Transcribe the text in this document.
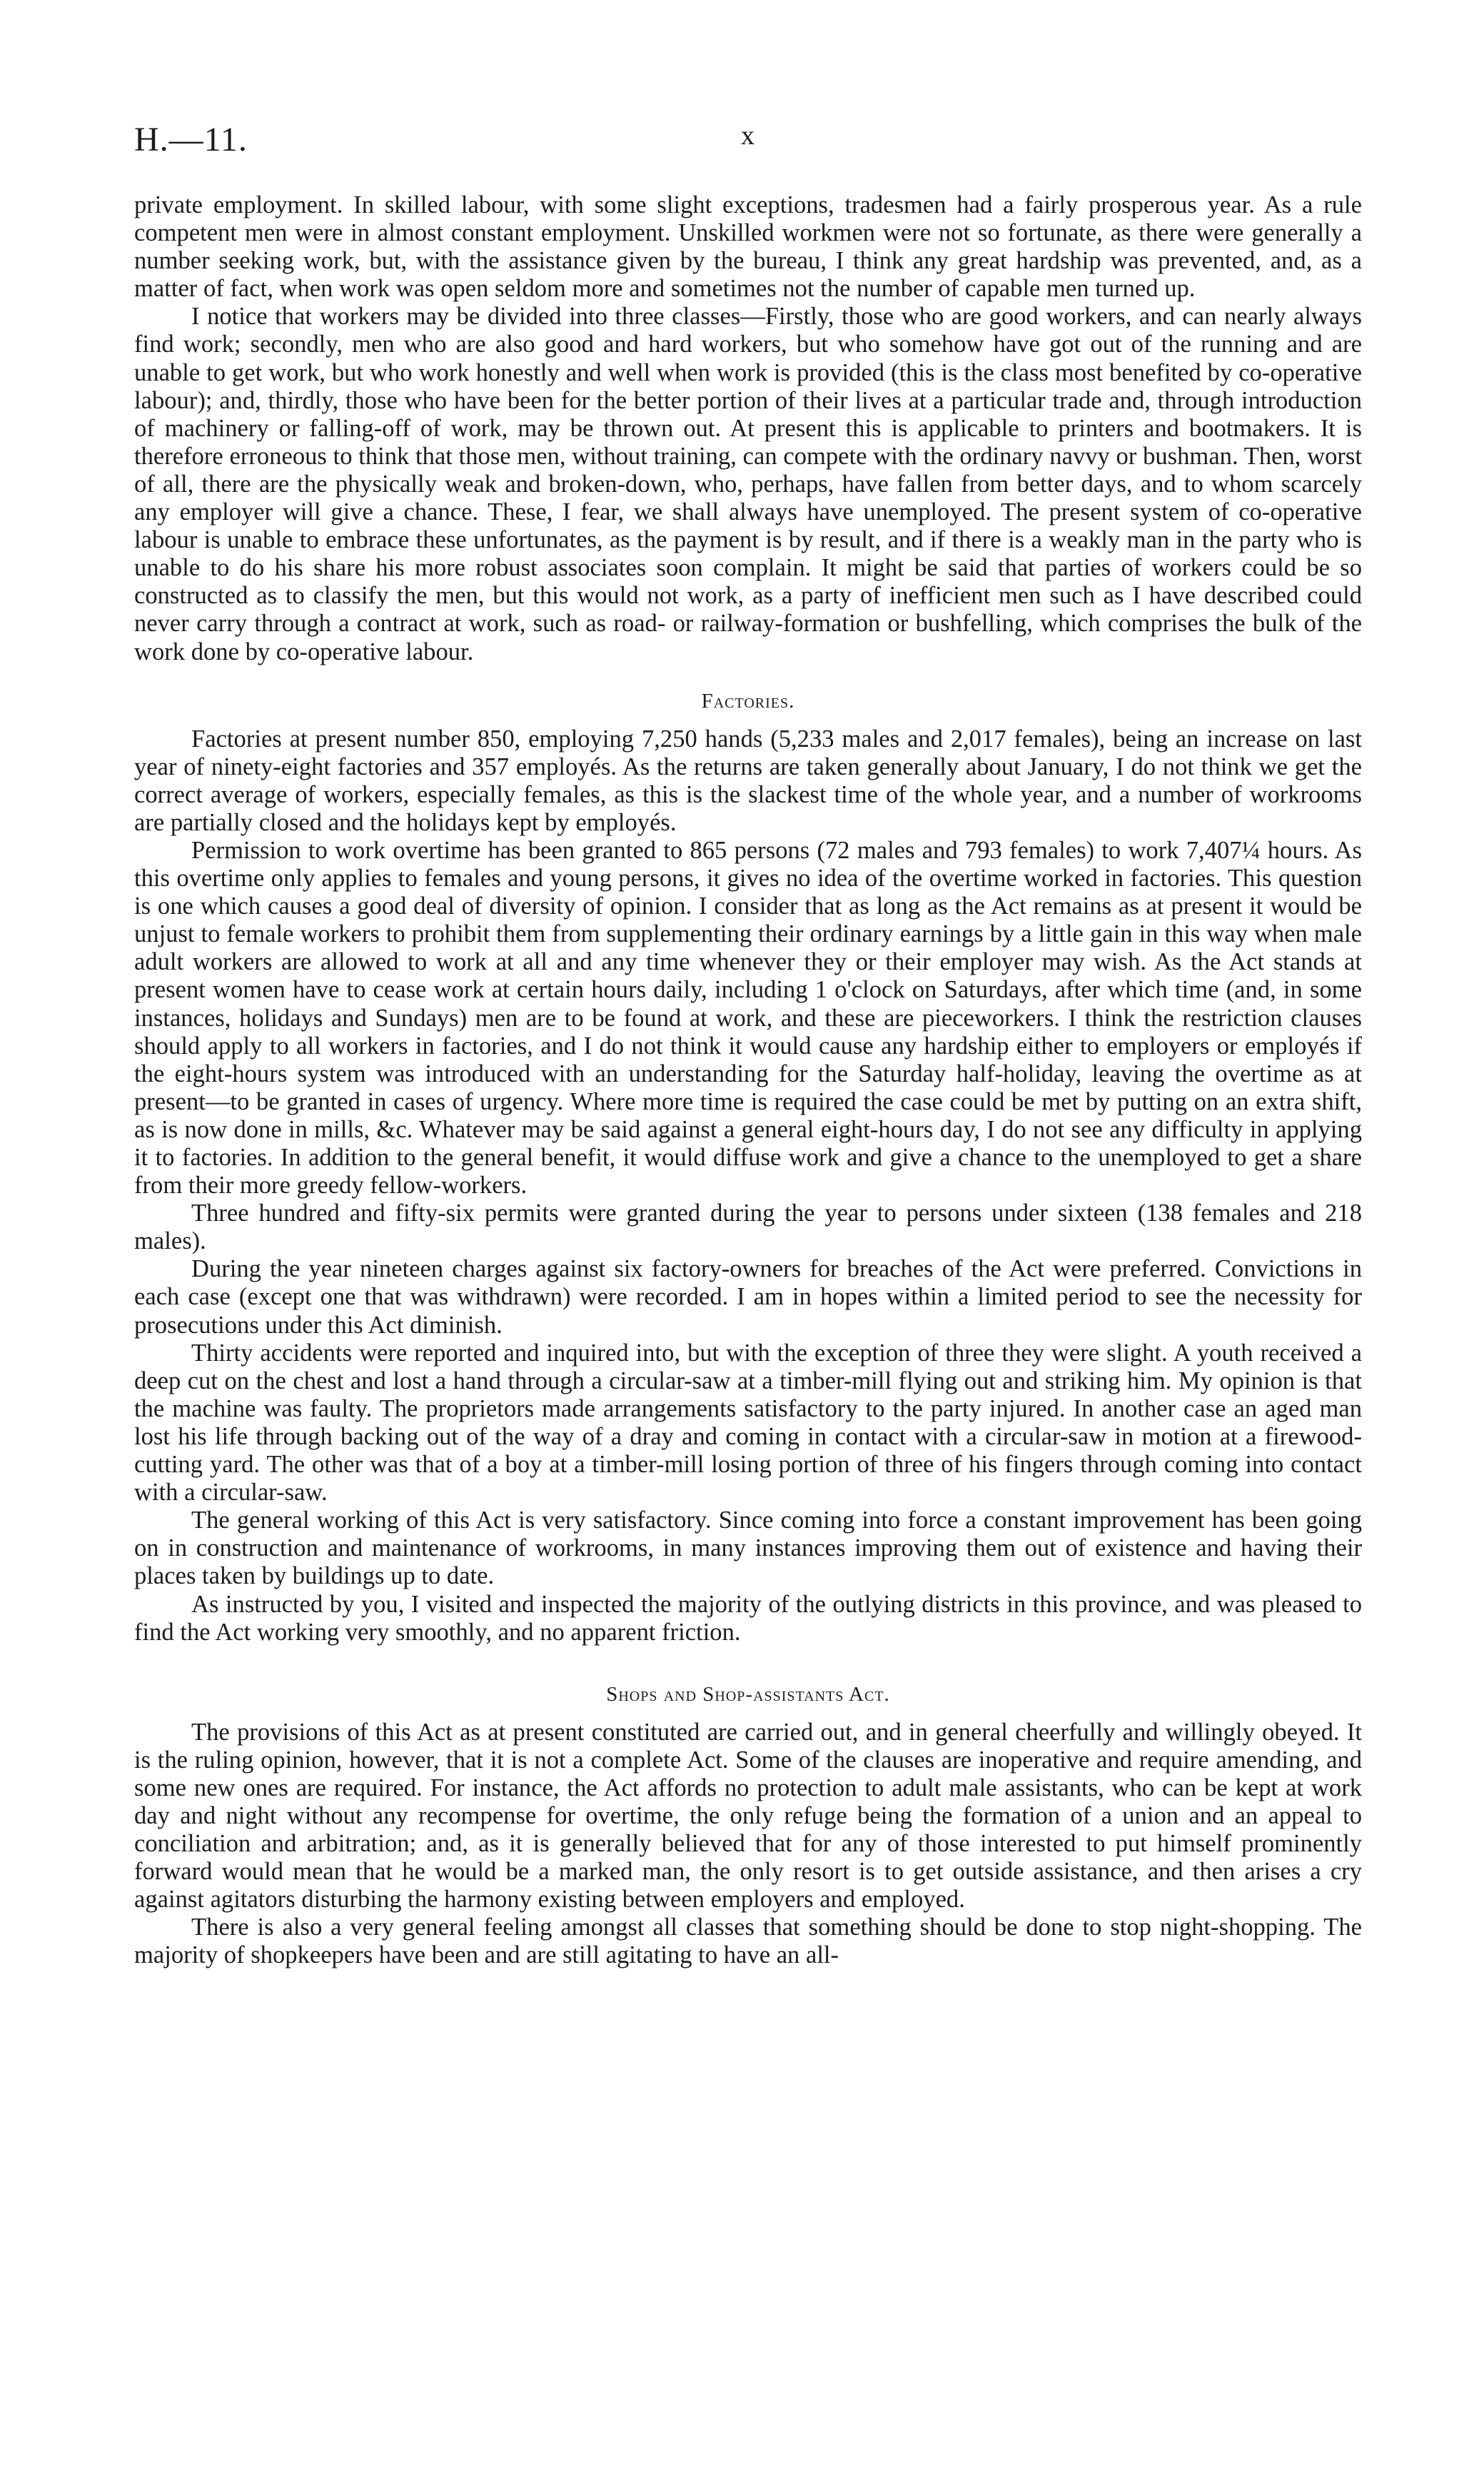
H.—11.	x

private employment. In skilled labour, with some slight exceptions, tradesmen had a fairly prosperous year. As a rule competent men were in almost constant employment. Unskilled workmen were not so fortunate, as there were generally a number seeking work, but, with the assistance given by the bureau, I think any great hardship was prevented, and, as a matter of fact, when work was open seldom more and sometimes not the number of capable men turned up.

I notice that workers may be divided into three classes—Firstly, those who are good workers, and can nearly always find work; secondly, men who are also good and hard workers, but who somehow have got out of the running and are unable to get work, but who work honestly and well when work is provided (this is the class most benefited by co-operative labour); and, thirdly, those who have been for the better portion of their lives at a particular trade and, through introduction of machinery or falling-off of work, may be thrown out. At present this is applicable to printers and bootmakers. It is therefore erroneous to think that those men, without training, can compete with the ordinary navvy or bushman. Then, worst of all, there are the physically weak and broken-down, who, perhaps, have fallen from better days, and to whom scarcely any employer will give a chance. These, I fear, we shall always have unemployed. The present system of co-operative labour is unable to embrace these unfortunates, as the payment is by result, and if there is a weakly man in the party who is unable to do his share his more robust associates soon complain. It might be said that parties of workers could be so constructed as to classify the men, but this would not work, as a party of inefficient men such as I have described could never carry through a contract at work, such as road- or railway-formation or bushfelling, which comprises the bulk of the work done by co-operative labour.

Factories.

Factories at present number 850, employing 7,250 hands (5,233 males and 2,017 females), being an increase on last year of ninety-eight factories and 357 employés. As the returns are taken generally about January, I do not think we get the correct average of workers, especially females, as this is the slackest time of the whole year, and a number of workrooms are partially closed and the holidays kept by employés.

Permission to work overtime has been granted to 865 persons (72 males and 793 females) to work 7,407¼ hours. As this overtime only applies to females and young persons, it gives no idea of the overtime worked in factories. This question is one which causes a good deal of diversity of opinion. I consider that as long as the Act remains as at present it would be unjust to female workers to prohibit them from supplementing their ordinary earnings by a little gain in this way when male adult workers are allowed to work at all and any time whenever they or their employer may wish. As the Act stands at present women have to cease work at certain hours daily, including 1 o'clock on Saturdays, after which time (and, in some instances, holidays and Sundays) men are to be found at work, and these are pieceworkers. I think the restriction clauses should apply to all workers in factories, and I do not think it would cause any hardship either to employers or employés if the eight-hours system was introduced with an understanding for the Saturday half-holiday, leaving the overtime as at present—to be granted in cases of urgency. Where more time is required the case could be met by putting on an extra shift, as is now done in mills, &c. Whatever may be said against a general eight-hours day, I do not see any difficulty in applying it to factories. In addition to the general benefit, it would diffuse work and give a chance to the unemployed to get a share from their more greedy fellow-workers.

Three hundred and fifty-six permits were granted during the year to persons under sixteen (138 females and 218 males).

During the year nineteen charges against six factory-owners for breaches of the Act were preferred. Convictions in each case (except one that was withdrawn) were recorded. I am in hopes within a limited period to see the necessity for prosecutions under this Act diminish.

Thirty accidents were reported and inquired into, but with the exception of three they were slight. A youth received a deep cut on the chest and lost a hand through a circular-saw at a timber-mill flying out and striking him. My opinion is that the machine was faulty. The proprietors made arrangements satisfactory to the party injured. In another case an aged man lost his life through backing out of the way of a dray and coming in contact with a circular-saw in motion at a firewood-cutting yard. The other was that of a boy at a timber-mill losing portion of three of his fingers through coming into contact with a circular-saw.

The general working of this Act is very satisfactory. Since coming into force a constant improvement has been going on in construction and maintenance of workrooms, in many instances improving them out of existence and having their places taken by buildings up to date.

As instructed by you, I visited and inspected the majority of the outlying districts in this province, and was pleased to find the Act working very smoothly, and no apparent friction.

Shops and Shop-assistants Act.

The provisions of this Act as at present constituted are carried out, and in general cheerfully and willingly obeyed. It is the ruling opinion, however, that it is not a complete Act. Some of the clauses are inoperative and require amending, and some new ones are required. For instance, the Act affords no protection to adult male assistants, who can be kept at work day and night without any recompense for overtime, the only refuge being the formation of a union and an appeal to conciliation and arbitration; and, as it is generally believed that for any of those interested to put himself prominently forward would mean that he would be a marked man, the only resort is to get outside assistance, and then arises a cry against agitators disturbing the harmony existing between employers and employed.

There is also a very general feeling amongst all classes that something should be done to stop night-shopping. The majority of shopkeepers have been and are still agitating to have an all-
